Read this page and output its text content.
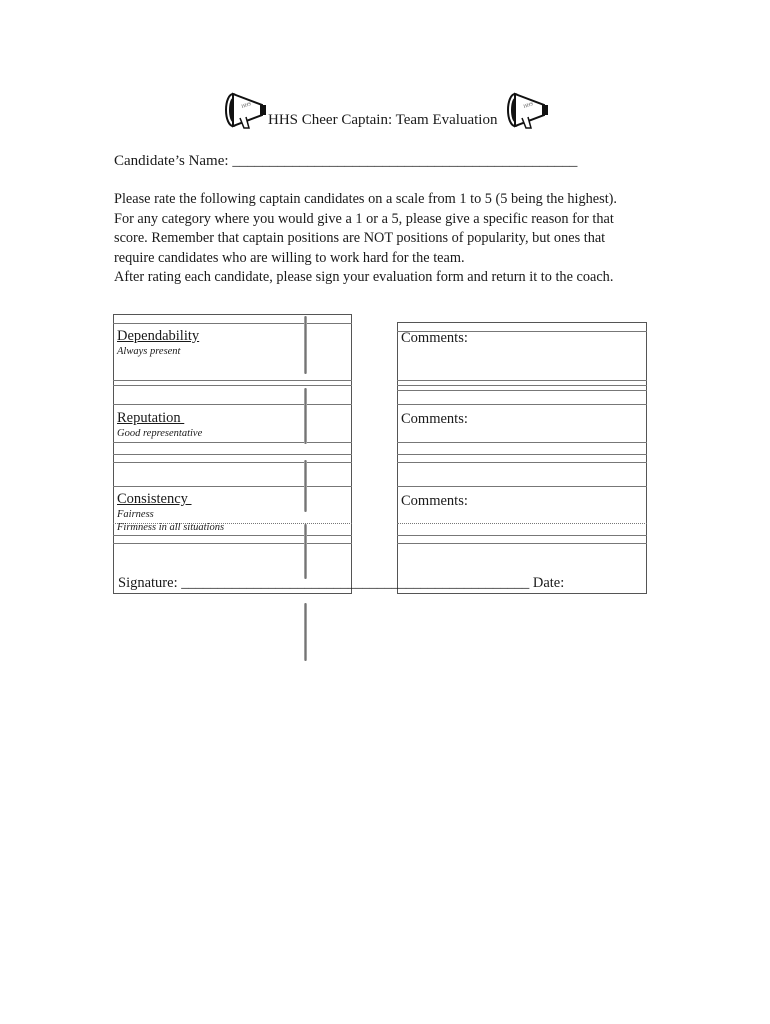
HHS
HHS Cheer Captain: Team Evaluation
HHS
Candidate’s Name: ______________________________________________

Please rate the following captain candidates on a scale from 1 to 5 (5 being the highest).

For any category where you would give a 1 or a 5, please give a specific reason for that

score. Remember that captain positions are NOT positions of popularity, but ones that

require candidates who are willing to work hard for the team.

After rating each candidate, please sign your evaluation form and return it to the coach.

Dependability
Always present
Reputation
Good representative
Consistency
Fairness
Firmness in all situations
Comments:
Comments:
Comments:
Signature: ________________________________________________ Date:
